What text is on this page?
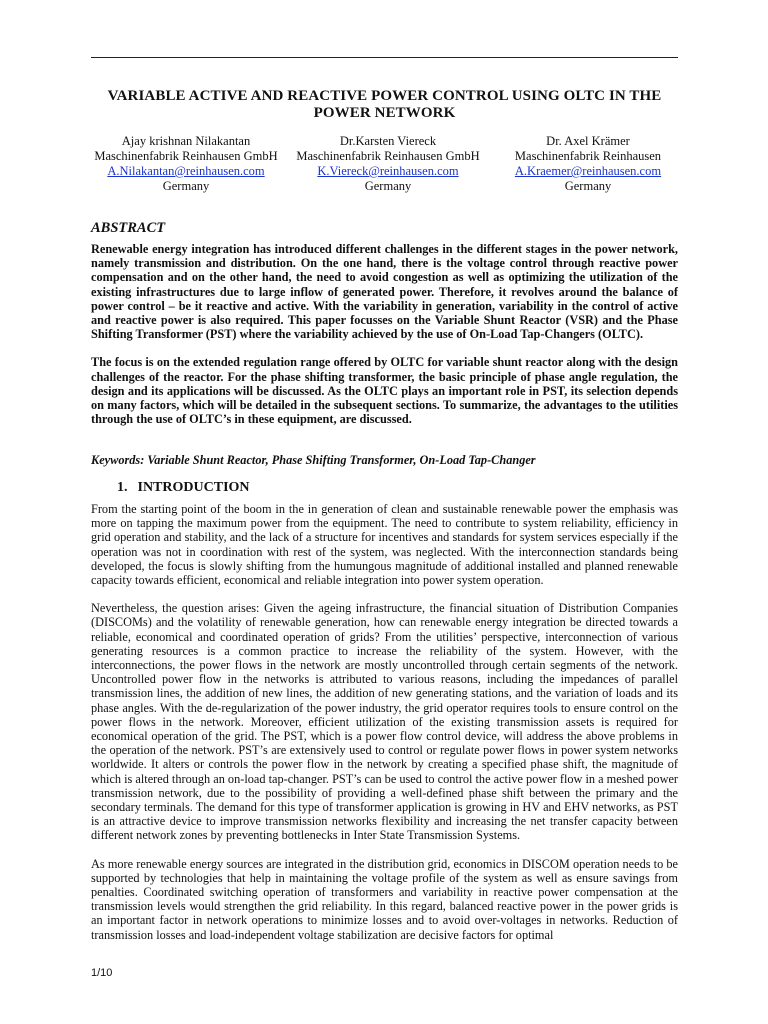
VARIABLE ACTIVE AND REACTIVE POWER CONTROL USING OLTC IN THE POWER NETWORK
Ajay krishnan Nilakantan
Maschinenfabrik Reinhausen GmbH
A.Nilakantan@reinhausen.com
Germany
Dr.Karsten Viereck
Maschinenfabrik Reinhausen GmbH
K.Viereck@reinhausen.com
Germany
Dr. Axel Krämer
Maschinenfabrik Reinhausen
A.Kraemer@reinhausen.com
Germany
ABSTRACT

Renewable energy integration has introduced different challenges in the different stages in the power network, namely transmission and distribution. On the one hand, there is the voltage control through reactive power compensation and on the other hand, the need to avoid congestion as well as optimizing the utilization of the existing infrastructures due to large inflow of generated power. Therefore, it revolves around the balance of power control – be it reactive and active. With the variability in generation, variability in the control of active and reactive power is also required. This paper focusses on the Variable Shunt Reactor (VSR) and the Phase Shifting Transformer (PST) where the variability achieved by the use of On-Load Tap-Changers (OLTC).

The focus is on the extended regulation range offered by OLTC for variable shunt reactor along with the design challenges of the reactor. For the phase shifting transformer, the basic principle of phase angle regulation, the design and its applications will be discussed. As the OLTC plays an important role in PST, its selection depends on many factors, which will be detailed in the subsequent sections. To summarize, the advantages to the utilities through the use of OLTC’s in these equipment, are discussed.

Keywords: Variable Shunt Reactor, Phase Shifting Transformer, On-Load Tap-Changer
1. INTRODUCTION

From the starting point of the boom in the in generation of clean and sustainable renewable power the emphasis was more on tapping the maximum power from the equipment. The need to contribute to system reliability, efficiency in grid operation and stability, and the lack of a structure for incentives and standards for system services especially if the operation was not in coordination with rest of the system, was neglected. With the interconnection standards being developed, the focus is slowly shifting from the humungous magnitude of additional installed and planned renewable capacity towards efficient, economical and reliable integration into power system operation.

Nevertheless, the question arises: Given the ageing infrastructure, the financial situation of Distribution Companies (DISCOMs) and the volatility of renewable generation, how can renewable energy integration be directed towards a reliable, economical and coordinated operation of grids? From the utilities’ perspective, interconnection of various generating resources is a common practice to increase the reliability of the system. However, with the interconnections, the power flows in the network are mostly uncontrolled through certain segments of the network. Uncontrolled power flow in the networks is attributed to various reasons, including the impedances of parallel transmission lines, the addition of new lines, the addition of new generating stations, and the variation of loads and its phase angles. With the de-regularization of the power industry, the grid operator requires tools to ensure control on the power flows in the network. Moreover, efficient utilization of the existing transmission assets is required for economical operation of the grid. The PST, which is a power flow control device, will address the above problems in the operation of the network. PST’s are extensively used to control or regulate power flows in power system networks worldwide. It alters or controls the power flow in the network by creating a specified phase shift, the magnitude of which is altered through an on-load tap-changer. PST’s can be used to control the active power flow in a meshed power transmission network, due to the possibility of providing a well-defined phase shift between the primary and the secondary terminals. The demand for this type of transformer application is growing in HV and EHV networks, as PST is an attractive device to improve transmission networks flexibility and increasing the net transfer capacity between different network zones by preventing bottlenecks in Inter State Transmission Systems.

As more renewable energy sources are integrated in the distribution grid, economics in DISCOM operation needs to be supported by technologies that help in maintaining the voltage profile of the system as well as ensure savings from penalties. Coordinated switching operation of transformers and variability in reactive power compensation at the transmission levels would strengthen the grid reliability. In this regard, balanced reactive power in the power grids is an important factor in network operations to minimize losses and to avoid over-voltages in networks. Reduction of transmission losses and load-independent voltage stabilization are decisive factors for optimal

1/10
